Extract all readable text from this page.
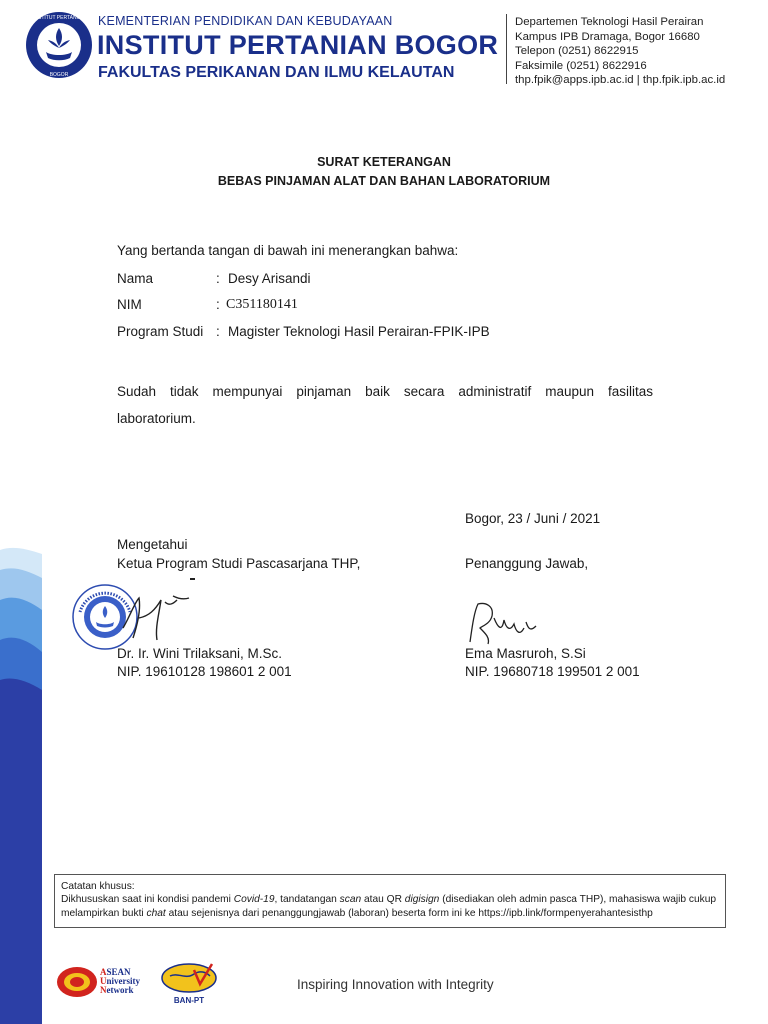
INSTITUT PERTANIAN
BOGOR
KEMENTERIAN PENDIDIKAN DAN KEBUDAYAAN
INSTITUT PERTANIAN BOGOR
FAKULTAS PERIKANAN DAN ILMU KELAUTAN
Departemen Teknologi Hasil Perairan
Kampus IPB Dramaga, Bogor 16680
Telepon (0251) 8622915
Faksimile (0251) 8622916
thp.fpik@apps.ipb.ac.id | thp.fpik.ipb.ac.id
SURAT KETERANGAN
BEBAS PINJAMAN ALAT DAN BAHAN LABORATORIUM
Yang bertanda tangan di bawah ini menerangkan bahwa:
Nama	: Desy Arisandi
NIM	: C351180141
Program Studi : Magister Teknologi Hasil Perairan-FPIK-IPB
Sudah tidak mempunyai pinjaman baik secara administratif maupun fasilitas laboratorium.
Bogor, 23 / Juni / 2021
Mengetahui
Ketua Program Studi Pascasarjana THP,	Penanggung Jawab,
Dr. Ir. Wini Trilaksani, M.Sc.
NIP. 19610128 198601 2 001
Ema Masruroh, S.Si
NIP. 19680718 199501 2 001
Catatan khusus:
Dikhususkan saat ini kondisi pandemi Covid-19, tandatangan scan atau QR digisign (disediakan oleh admin pasca THP), mahasiswa wajib cukup
melampirkan bukti chat atau sejenisnya dari penanggungjawab (laboran) beserta form ini ke https://ipb.link/formpenyerahantesisthp
ASEAN
University
Network
BAN-PT
Inspiring Innovation with Integrity
